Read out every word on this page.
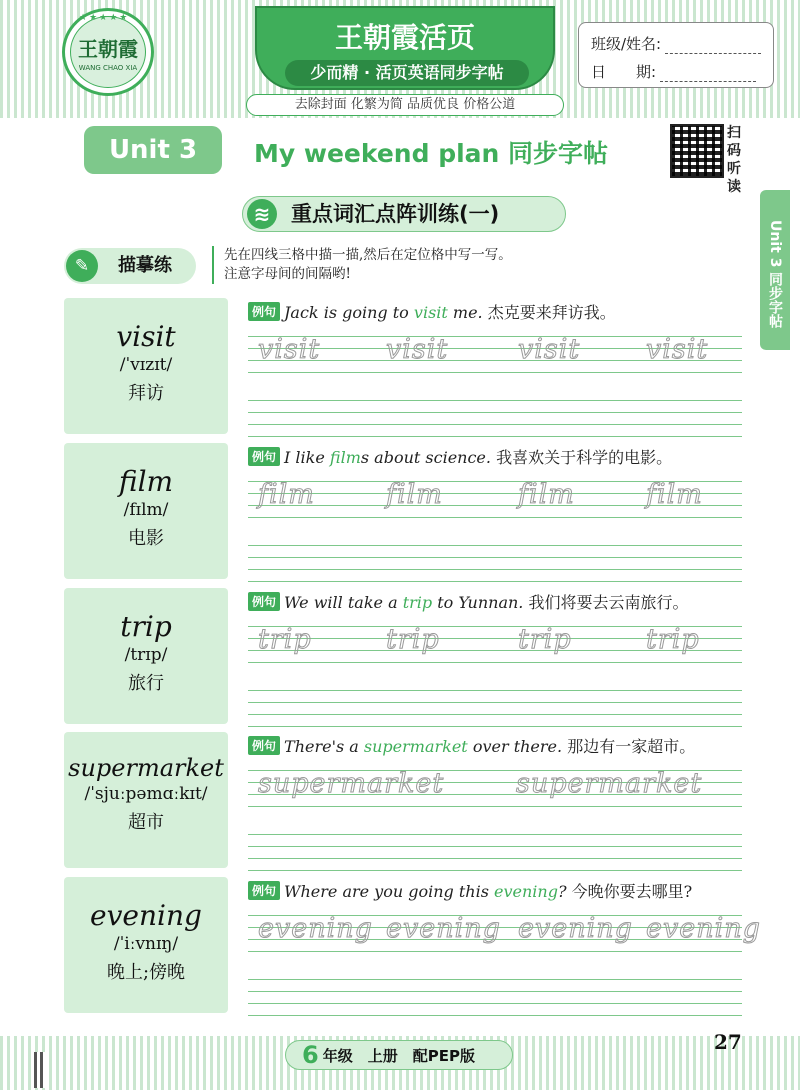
★★★★★
王朝霞
WANG CHAO XIA
王朝霞活页
少而精 · 活页英语同步字帖
去除封面 化繁为简 品质优良 价格公道
班级/姓名:
日　　期:
Unit 3	My weekend plan 同步字帖
扫码听读
Unit 3 同步字帖
≋ 重点词汇点阵训练(一)
✎	描摹练	先在四线三格中描一描,然后在定位格中写一写。
注意字母间的间隔哟!
visit
/ˈvɪzɪt/
拜访
例句 Jack is going to visit me. 杰克要来拜访我。
visit visit	visit visit
film
/fɪlm/
电影
例句 I like films about science. 我喜欢关于科学的电影。
film	film	film	film
trip
/trɪp/
旅行
例句 We will take a trip to Yunnan. 我们将要去云南旅行。
trip	trip	trip	trip
supermarket
/ˈsjuːpəmɑːkɪt/
超市
例句 There's a supermarket over there. 那边有一家超市。
supermarket	supermarket
evening
/ˈiːvnɪŋ/
晚上;傍晚
例句 Where are you going this evening? 今晚你要去哪里?
evening evening evening evening
6 年级　上册　配PEP版
27
